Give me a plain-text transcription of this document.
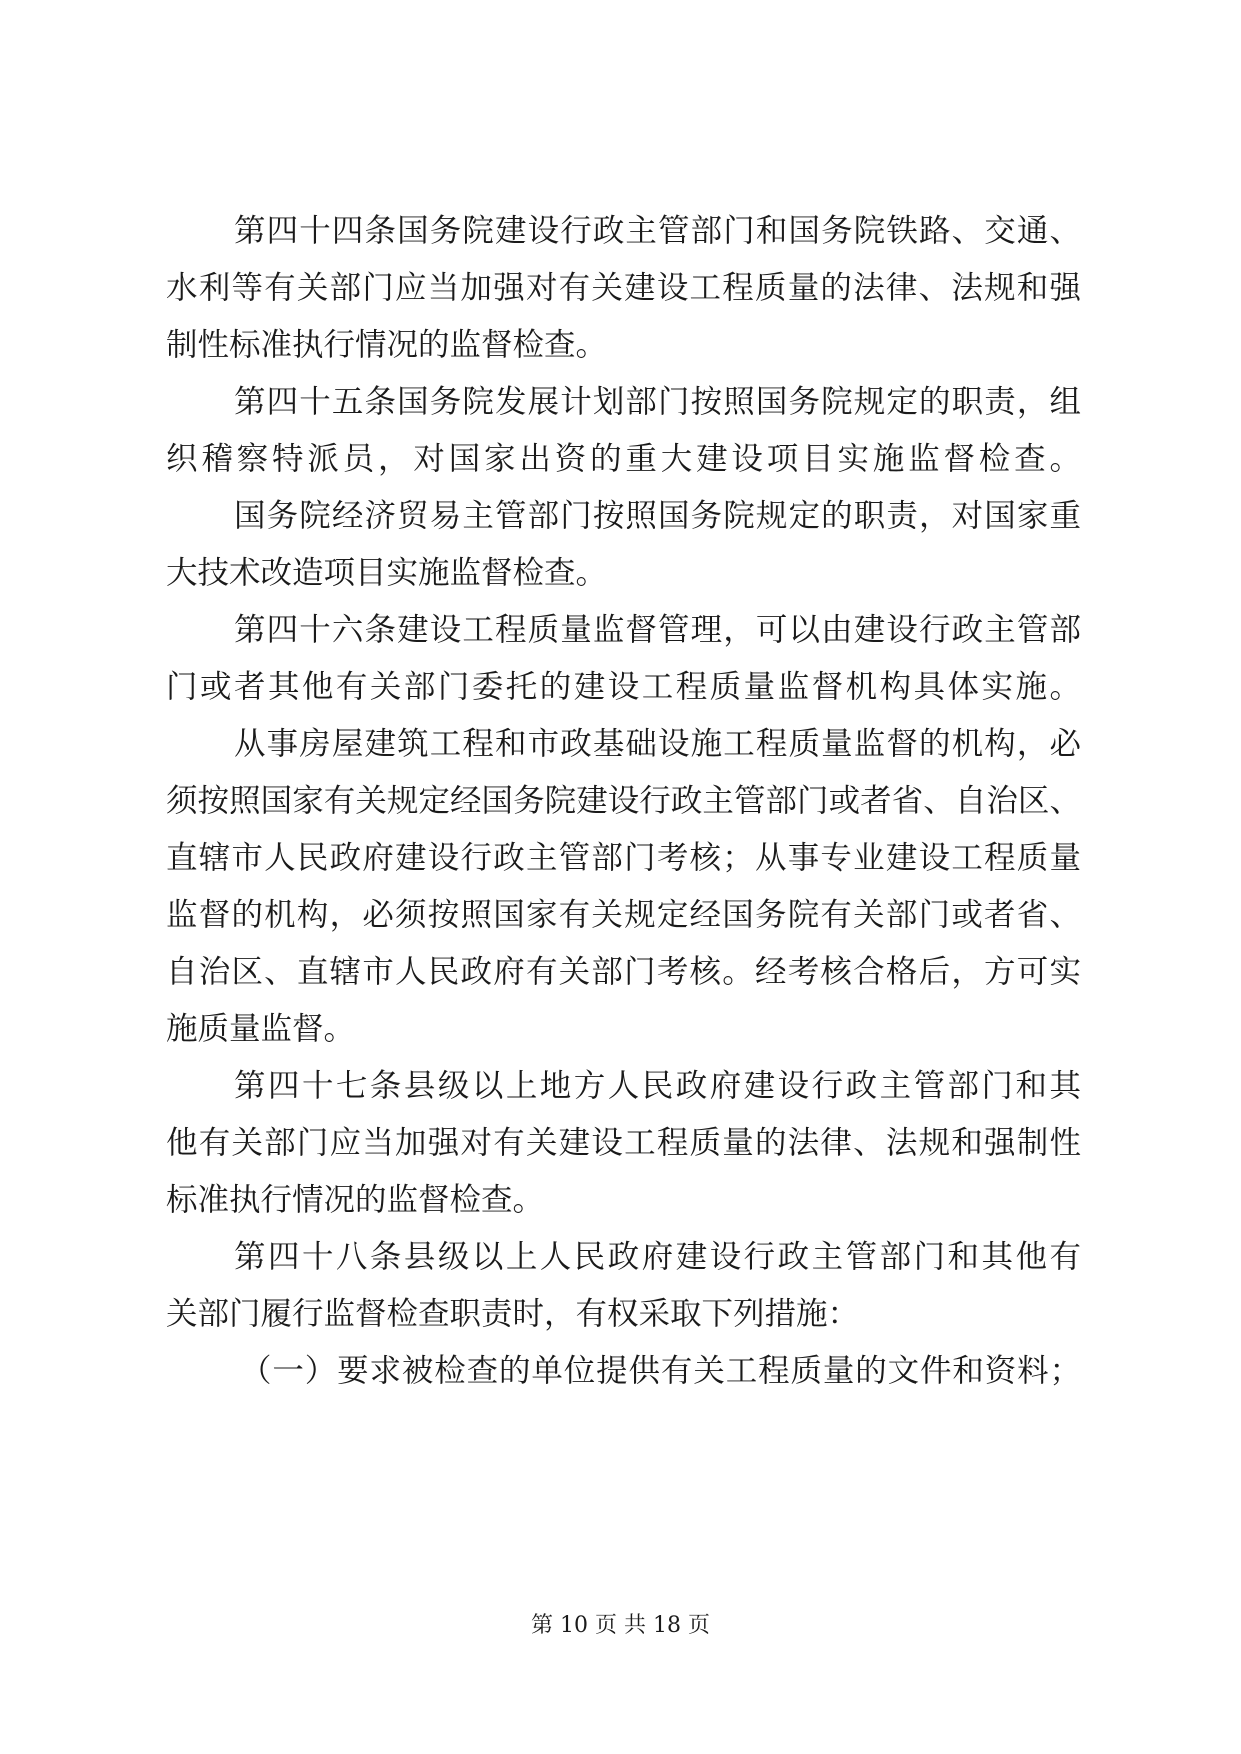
第四十四条国务院建设行政主管部门和国务院铁路、交通、
水利等有关部门应当加强对有关建设工程质量的法律、法规和强
制性标准执行情况的监督检查。
第四十五条国务院发展计划部门按照国务院规定的职责，组
织稽察特派员，对国家出资的重大建设项目实施监督检查。
国务院经济贸易主管部门按照国务院规定的职责，对国家重
大技术改造项目实施监督检查。
第四十六条建设工程质量监督管理，可以由建设行政主管部
门或者其他有关部门委托的建设工程质量监督机构具体实施。
从事房屋建筑工程和市政基础设施工程质量监督的机构，必
须按照国家有关规定经国务院建设行政主管部门或者省、自治区、
直辖市人民政府建设行政主管部门考核；从事专业建设工程质量
监督的机构，必须按照国家有关规定经国务院有关部门或者省、
自治区、直辖市人民政府有关部门考核。经考核合格后，方可实
施质量监督。
第四十七条县级以上地方人民政府建设行政主管部门和其
他有关部门应当加强对有关建设工程质量的法律、法规和强制性
标准执行情况的监督检查。
第四十八条县级以上人民政府建设行政主管部门和其他有
关部门履行监督检查职责时，有权采取下列措施：
（一）要求被检查的单位提供有关工程质量的文件和资料；
第 10 页 共 18 页
